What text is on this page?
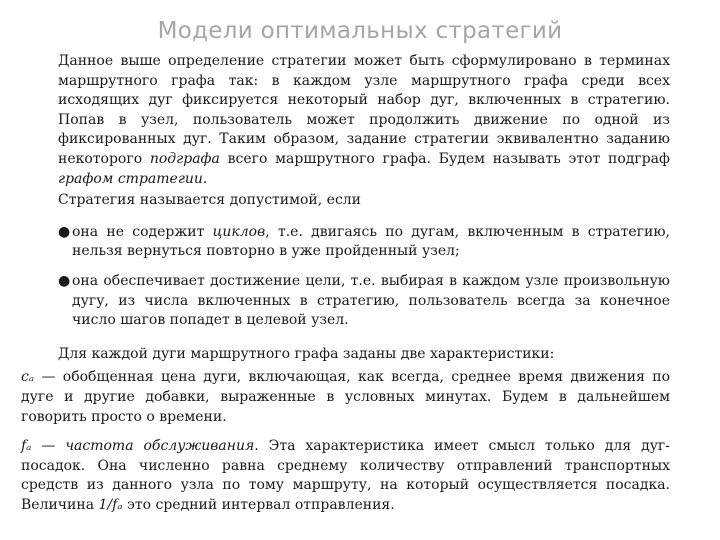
Модели оптимальных стратегий

Данное выше определение стратегии может быть сформулировано в терминах маршрутного графа так: в каждом узле маршрутного графа среди всех исходящих дуг фиксируется некоторый набор дуг, включенных в стратегию. Попав в узел, пользователь может продолжить движение по одной из фиксированных дуг. Таким образом, задание стратегии эквивалентно заданию некоторого подграфа всего маршрутного графа. Будем называть этот подграф графом стратегии.

Стратегия называется допустимой, если

● она не содержит циклов, т.е. двигаясь по дугам, включенным в стратегию, нельзя вернуться повторно в уже пройденный узел;
● она обеспечивает достижение цели, т.е. выбирая в каждом узле произвольную дугу, из числа включенных в стратегию, пользователь всегда за конечное число шагов попадет в целевой узел.

Для каждой дуги маршрутного графа заданы две характеристики:

cₐ — обобщенная цена дуги, включающая, как всегда, среднее время движения по дуге и другие добавки, выраженные в условных минутах. Будем в дальнейшем говорить просто о времени.

fₐ — частота обслуживания. Эта характеристика имеет смысл только для дуг-посадок. Она численно равна среднему количеству отправлений транспортных средств из данного узла по тому маршруту, на который осуществляется посадка. Величина 1/fₐ это средний интервал отправления.
